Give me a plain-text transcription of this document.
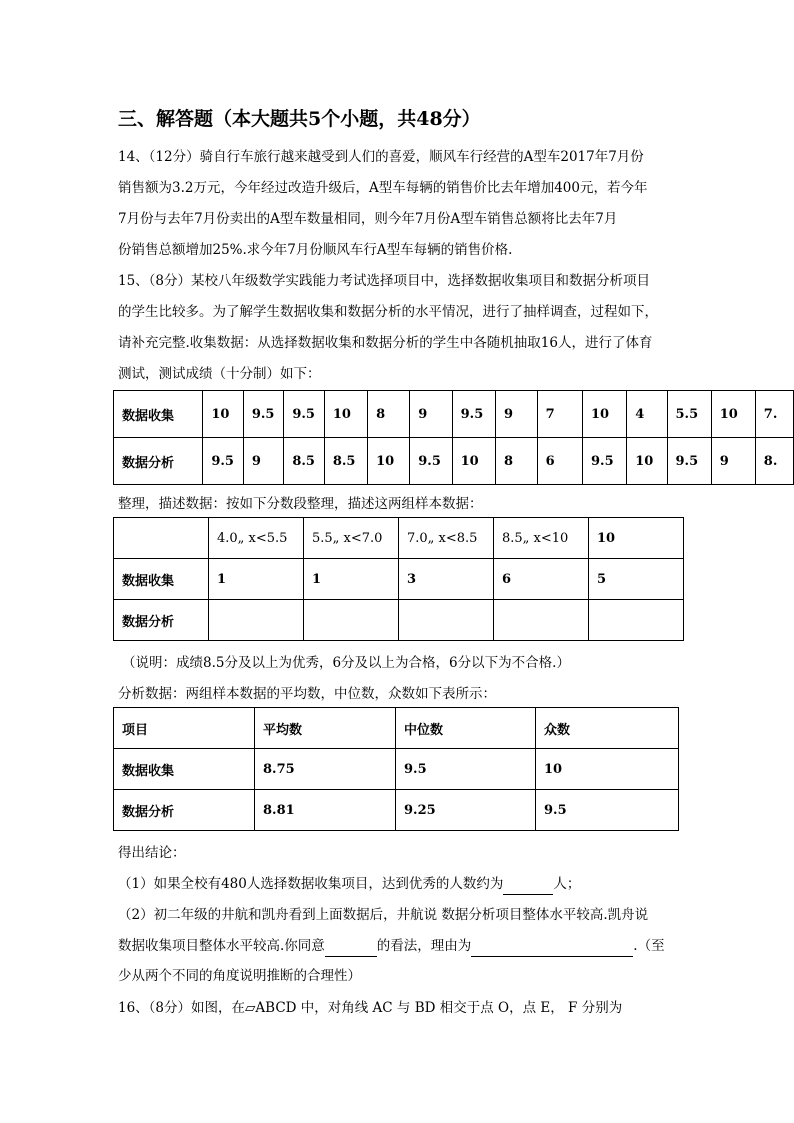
三、解答题（本大题共5个小题，共48分）
14、（12分）骑自行车旅行越来越受到人们的喜爱，顺风车行经营的A型车2017年7月份
销售额为3.2万元，今年经过改造升级后，A型车每辆的销售价比去年增加400元，若今年
7月份与去年7月份卖出的A型车数量相同，则今年7月份A型车销售总额将比去年7月
份销售总额增加25%.求今年7月份顺风车行A型车每辆的销售价格.
15、（8分）某校八年级数学实践能力考试选择项目中，选择数据收集项目和数据分析项目
的学生比较多。为了解学生数据收集和数据分析的水平情况，进行了抽样调查，过程如下，
请补充完整.收集数据：从选择数据收集和数据分析的学生中各随机抽取16人，进行了体育
测试，测试成绩（十分制）如下：
数据收集	10	9.5	9.5	10	8	9	9.5	9	7	10	4	5.5	10	7.
数据分析	9.5	9	8.5	8.5	10	9.5	10	8	6	9.5	10	9.5	9	8.
整理，描述数据：按如下分数段整理，描述这两组样本数据：
	4.0„ x<5.5	5.5„ x<7.0	7.0„ x<8.5	8.5„ x<10	10
数据收集	1	1	3	6	5
数据分析					
（说明：成绩8.5分及以上为优秀，6分及以上为合格，6分以下为不合格.）
分析数据：两组样本数据的平均数，中位数，众数如下表所示：
项目	平均数	中位数	众数
数据收集	8.75	9.5	10
数据分析	8.81	9.25	9.5
得出结论：
（1）如果全校有480人选择数据收集项目，达到优秀的人数约为	人；
（2）初二年级的井航和凯舟看到上面数据后，井航说 数据分析项目整体水平较高.凯舟说
数据收集项目整体水平较高.你同意	的看法，理由为	.（至
少从两个不同的角度说明推断的合理性）
16、（8分）如图，在▱ABCD 中，对角线 AC 与 BD 相交于点 O，点 E， F 分别为
